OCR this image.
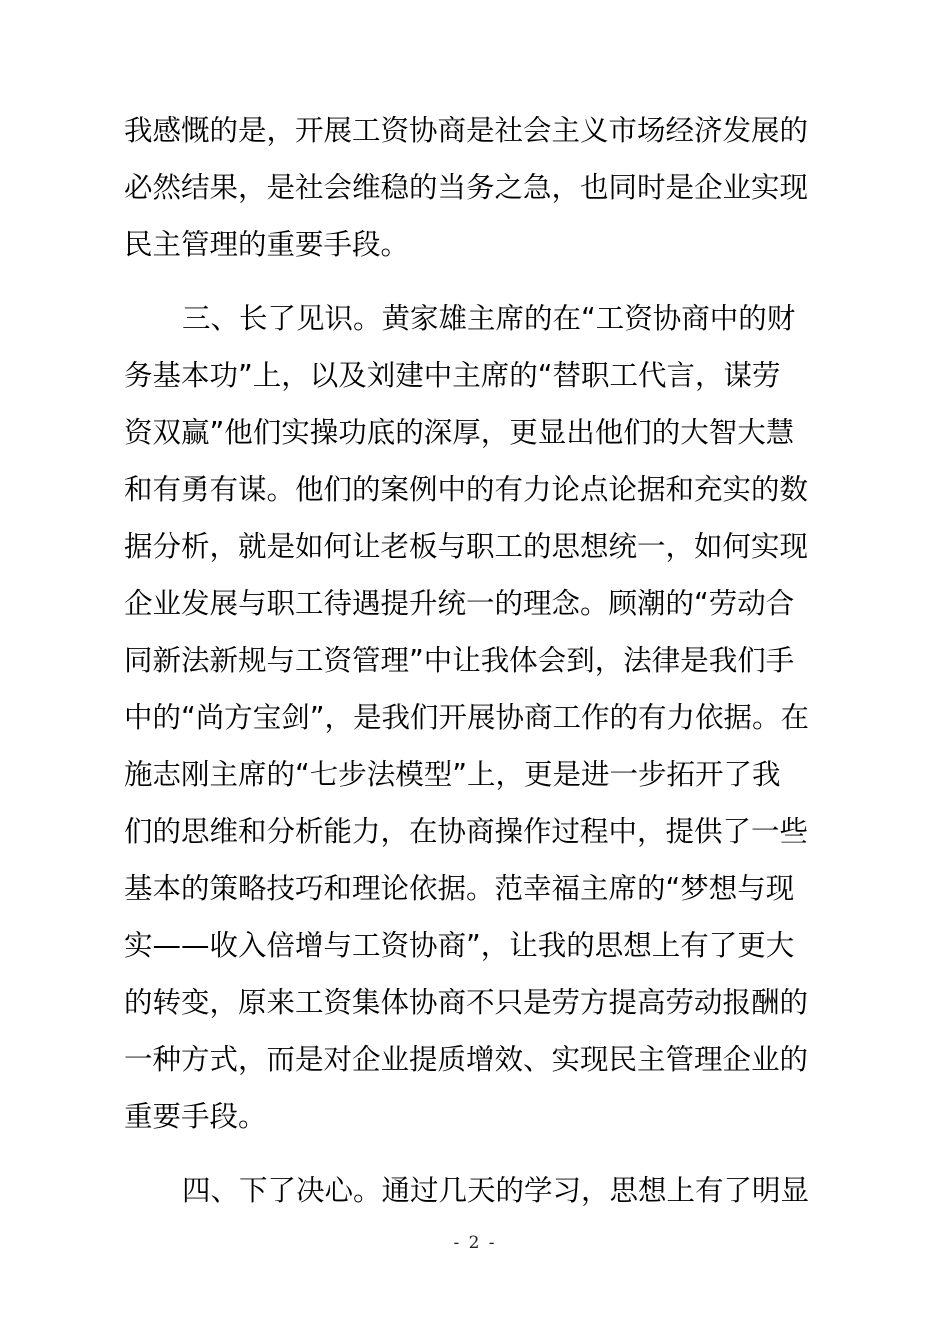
我感慨的是，开展工资协商是社会主义市场经济发展的
必然结果，是社会维稳的当务之急，也同时是企业实现
民主管理的重要手段。
三、长了见识。黄家雄主席的在“工资协商中的财
务基本功”上，以及刘建中主席的“替职工代言，谋劳
资双赢”他们实操功底的深厚，更显出他们的大智大慧
和有勇有谋。他们的案例中的有力论点论据和充实的数
据分析，就是如何让老板与职工的思想统一，如何实现
企业发展与职工待遇提升统一的理念。顾潮的“劳动合
同新法新规与工资管理”中让我体会到，法律是我们手
中的“尚方宝剑”，是我们开展协商工作的有力依据。在
施志刚主席的“七步法模型”上，更是进一步拓开了我
们的思维和分析能力，在协商操作过程中，提供了一些
基本的策略技巧和理论依据。范幸福主席的“梦想与现
实——收入倍增与工资协商”，让我的思想上有了更大
的转变，原来工资集体协商不只是劳方提高劳动报酬的
一种方式，而是对企业提质增效、实现民主管理企业的
重要手段。
四、下了决心。通过几天的学习，思想上有了明显
- 2 -
